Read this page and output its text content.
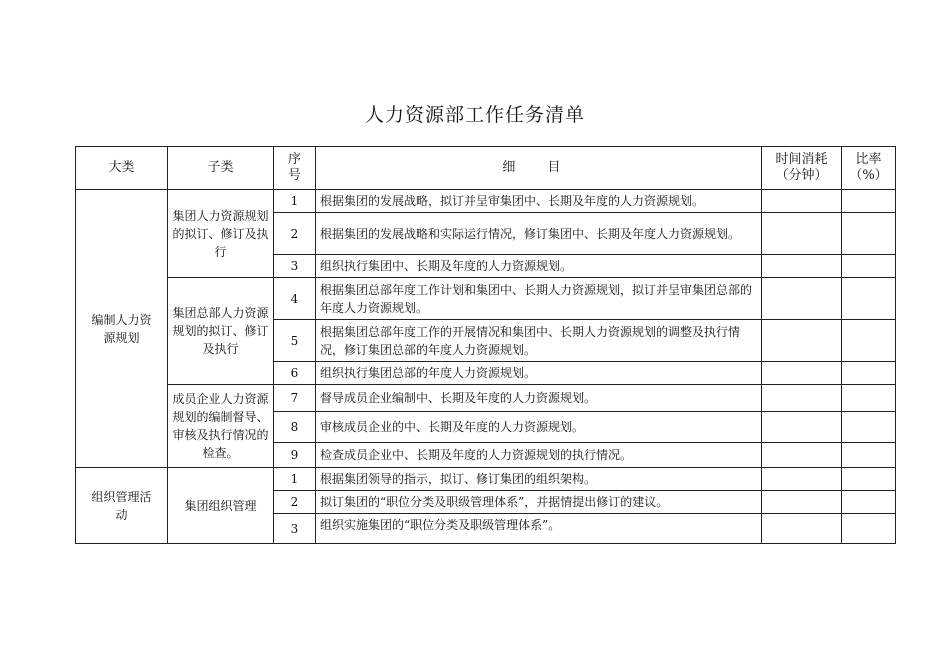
人力资源部工作任务清单
大类	子类	序号	细 目	时间消耗（分钟）	比率（%）
编制人力资源规划	集团人力资源规划的拟订、修订及执行	1	根据集团的发展战略，拟订并呈审集团中、长期及年度的人力资源规划。		
		2	根据集团的发展战略和实际运行情况，修订集团中、长期及年度人力资源规划。		
		3	组织执行集团中、长期及年度的人力资源规划。		
	集团总部人力资源规划的拟订、修订及执行	4	根据集团总部年度工作计划和集团中、长期人力资源规划，拟订并呈审集团总部的年度人力资源规划。		
		5	根据集团总部年度工作的开展情况和集团中、长期人力资源规划的调整及执行情况，修订集团总部的年度人力资源规划。		
		6	组织执行集团总部的年度人力资源规划。		
	成员企业人力资源规划的编制督导、审核及执行情况的检查。	7	督导成员企业编制中、长期及年度的人力资源规划。		
		8	审核成员企业的中、长期及年度的人力资源规划。		
		9	检查成员企业中、长期及年度的人力资源规划的执行情况。		
组织管理活动	集团组织管理	1	根据集团领导的指示，拟订、修订集团的组织架构。		
		2	拟订集团的“职位分类及职级管理体系”，并据情提出修订的建议。		
		3	组织实施集团的“职位分类及职级管理体系”。		
